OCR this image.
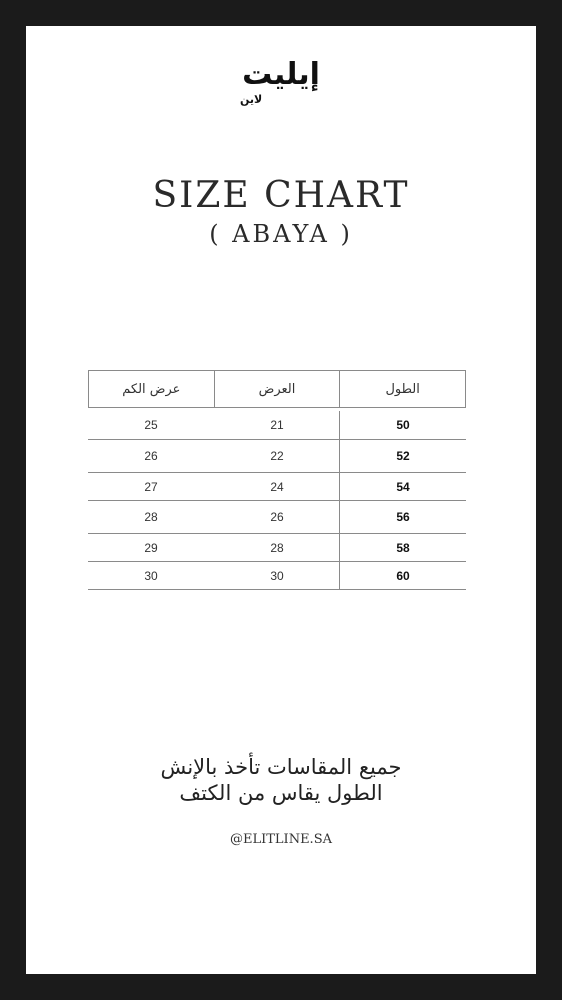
إيليت
لاين
SIZE CHART
( ABAYA )
عرض الكم	العرض	الطول
25	21	50
26	22	52
27	24	54
28	26	56
29	28	58
30	30	60
جميع المقاسات تأخذ بالإنش
الطول يقاس من الكتف
@ELITLINE.SA
